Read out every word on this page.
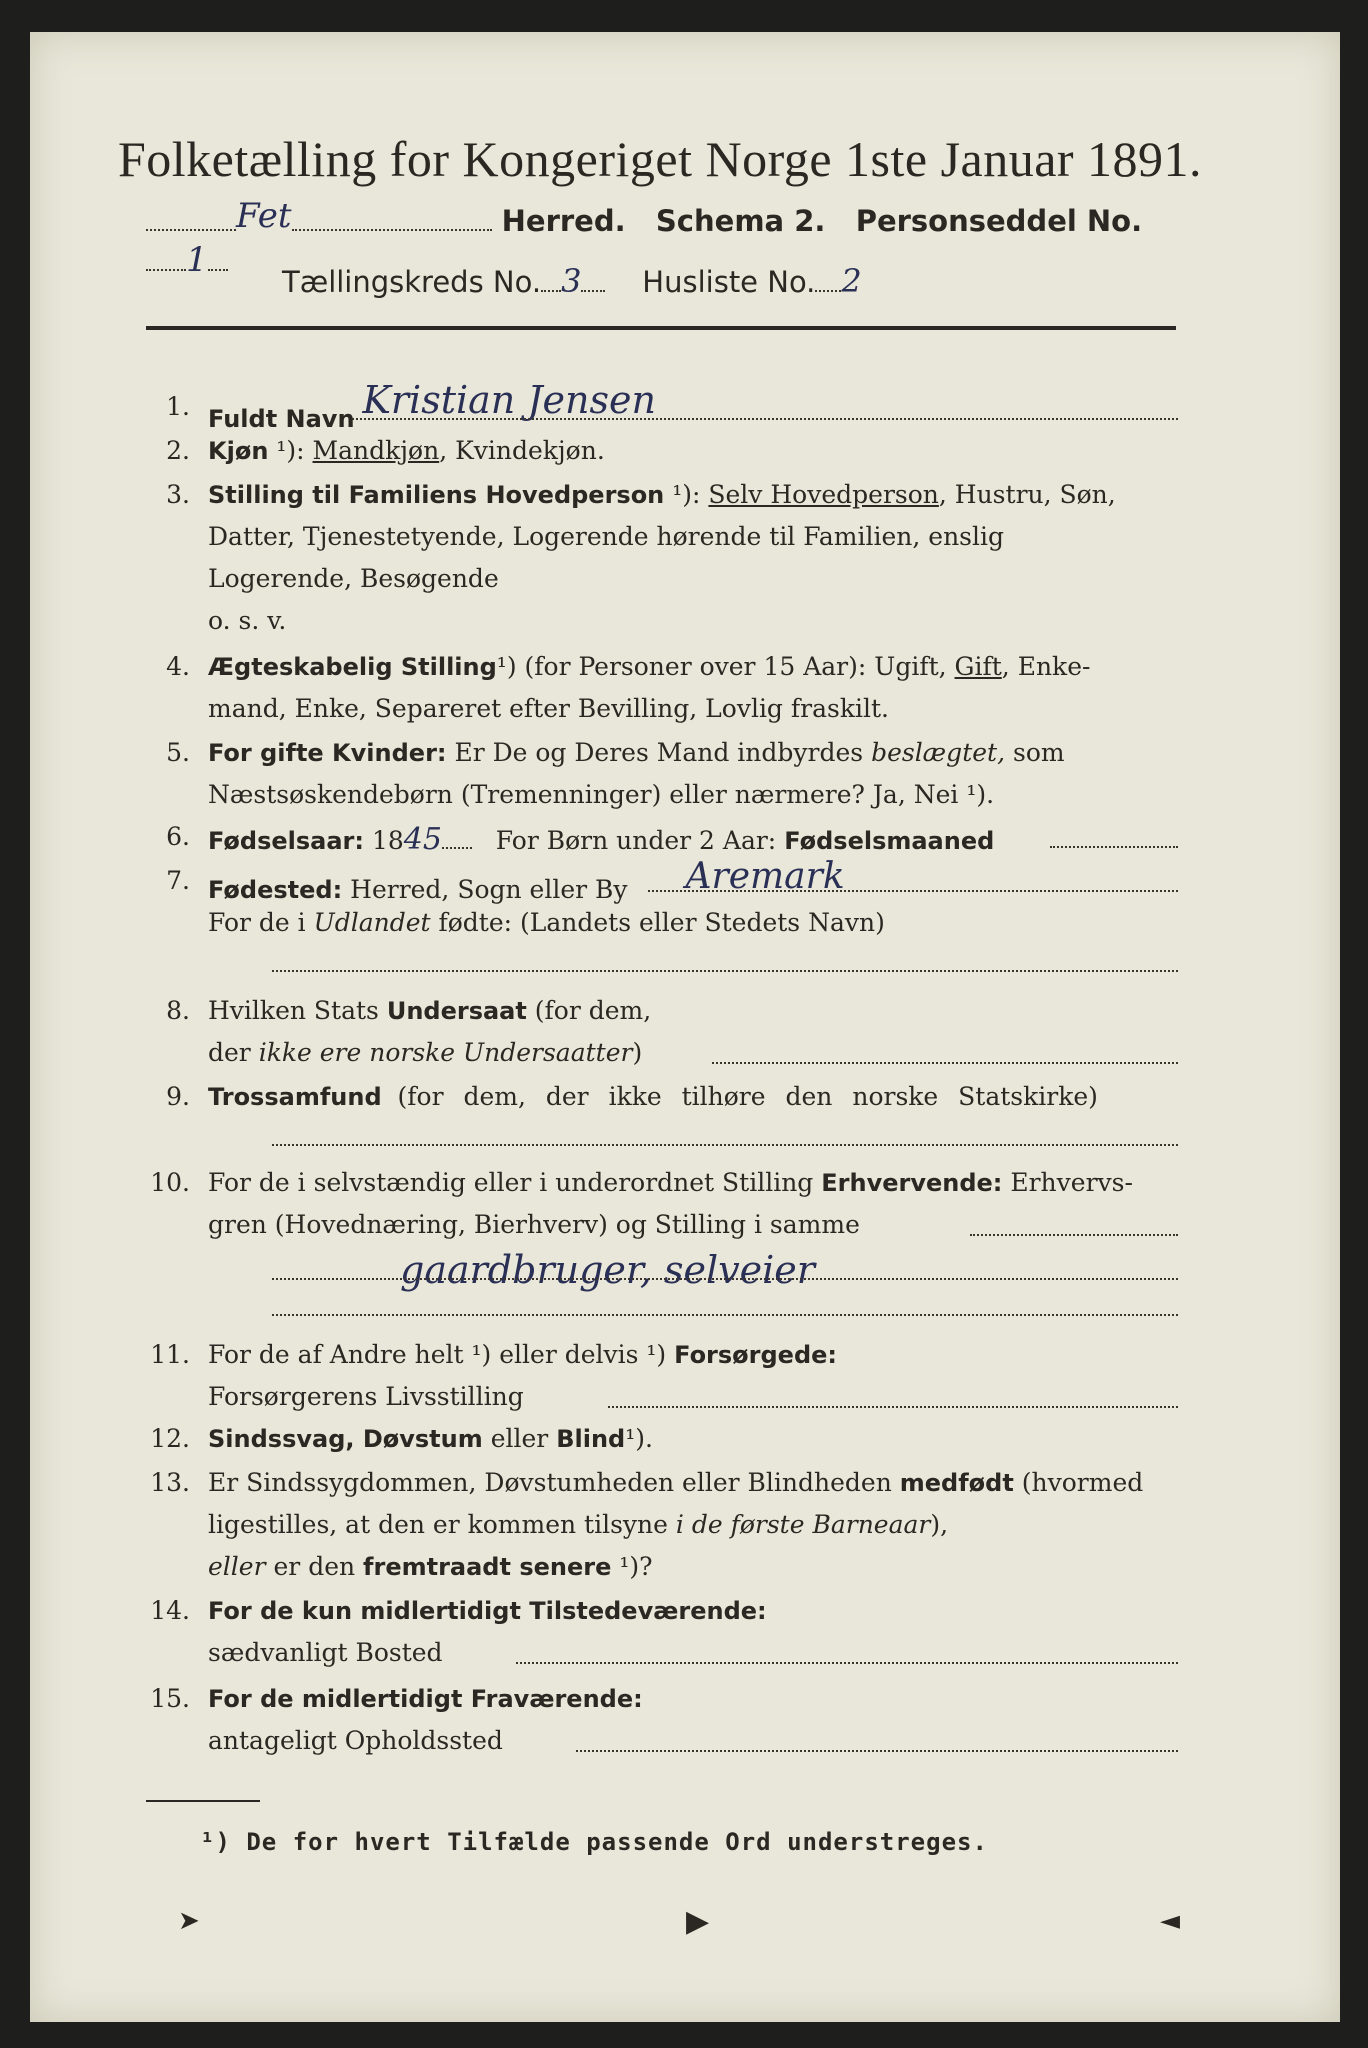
Folketælling for Kongeriget Norge 1ste Januar 1891.
Fet	Herred. Schema 2. Personseddel No.1
Tællingskreds No. 3 Husliste No. 2
1. Fuldt Navn Kristian Jensen
2. Kjøn ¹): Mandkjøn, Kvindekjøn.
3. Stilling til Familiens Hovedperson ¹): Selv Hovedperson, Hustru, Søn,
Datter, Tjenestetyende, Logerende hørende til Familien, enslig
Logerende, Besøgende
o. s. v.
4. Ægteskabelig Stilling¹) (for Personer over 15 Aar): Ugift, Gift, Enke-
mand, Enke, Separeret efter Bevilling, Lovlig fraskilt.
5. For gifte Kvinder: Er De og Deres Mand indbyrdes beslægtet, som
Næstsøskendebørn (Tremenninger) eller nærmere? Ja, Nei ¹).
6. Fødselsaar: 1845 For Børn under 2 Aar: Fødselsmaaned
7. Fødested: Herred, Sogn eller By Aremark
For de i Udlandet fødte: (Landets eller Stedets Navn)
8. Hvilken Stats Undersaat (for dem,
der ikke ere norske Undersaatter)
9. Trossamfund (for dem, der ikke tilhøre den norske Statskirke)
10. For de i selvstændig eller i underordnet Stilling Erhvervende: Erhvervs-
gren (Hovednæring, Bierhverv) og Stilling i samme
gaardbruger, selveier
11. For de af Andre helt ¹) eller delvis ¹) Forsørgede:
Forsørgerens Livsstilling
12. Sindssvag, Døvstum eller Blind¹).
13. Er Sindssygdommen, Døvstumheden eller Blindheden medfødt (hvormed
ligestilles, at den er kommen tilsyne i de første Barneaar),
eller er den fremtraadt senere ¹)?
14. For de kun midlertidigt Tilstedeværende:
sædvanligt Bosted
15. For de midlertidigt Fraværende:
antageligt Opholdssted
¹) De for hvert Tilfælde passende Ord understreges.
➤	▶	◄
